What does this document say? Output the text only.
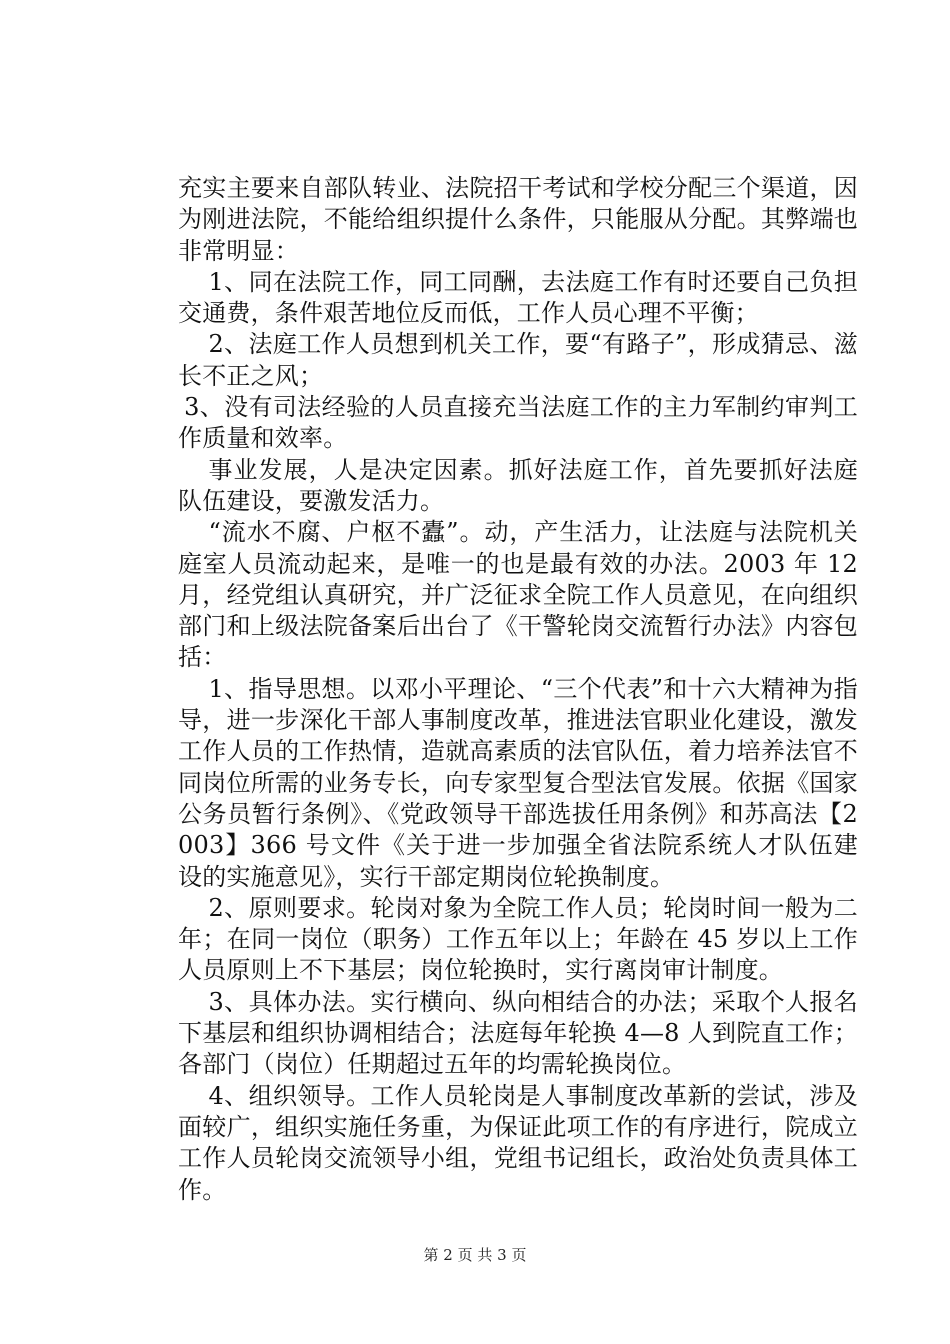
充实主要来自部队转业、法院招干考试和学校分配三个渠道，因为刚进法院，不能给组织提什么条件，只能服从分配。其弊端也非常明显：

1、同在法院工作，同工同酬，去法庭工作有时还要自己负担交通费，条件艰苦地位反而低，工作人员心理不平衡；

2、法庭工作人员想到机关工作，要“有路子”，形成猜忌、滋长不正之风；

3、没有司法经验的人员直接充当法庭工作的主力军制约审判工作质量和效率。

事业发展，人是决定因素。抓好法庭工作，首先要抓好法庭队伍建设，要激发活力。

“流水不腐、户枢不蠹”。动，产生活力，让法庭与法院机关庭室人员流动起来，是唯一的也是最有效的办法。2003 年 12 月，经党组认真研究，并广泛征求全院工作人员意见，在向组织部门和上级法院备案后出台了《干警轮岗交流暂行办法》内容包括：

1、指导思想。以邓小平理论、“三个代表”和十六大精神为指导，进一步深化干部人事制度改革，推进法官职业化建设，激发工作人员的工作热情，造就高素质的法官队伍，着力培养法官不同岗位所需的业务专长，向专家型复合型法官发展。依据《国家公务员暂行条例》、《党政领导干部选拔任用条例》和苏高法【2003】366 号文件《关于进一步加强全省法院系统人才队伍建设的实施意见》，实行干部定期岗位轮换制度。

2、原则要求。轮岗对象为全院工作人员；轮岗时间一般为二年；在同一岗位（职务）工作五年以上；年龄在 45 岁以上工作人员原则上不下基层；岗位轮换时，实行离岗审计制度。

3、具体办法。实行横向、纵向相结合的办法；采取个人报名下基层和组织协调相结合；法庭每年轮换 4—8 人到院直工作；各部门（岗位）任期超过五年的均需轮换岗位。

4、组织领导。工作人员轮岗是人事制度改革新的尝试，涉及面较广，组织实施任务重，为保证此项工作的有序进行，院成立工作人员轮岗交流领导小组，党组书记组长，政治处负责具体工作。

第 2 页 共 3 页
